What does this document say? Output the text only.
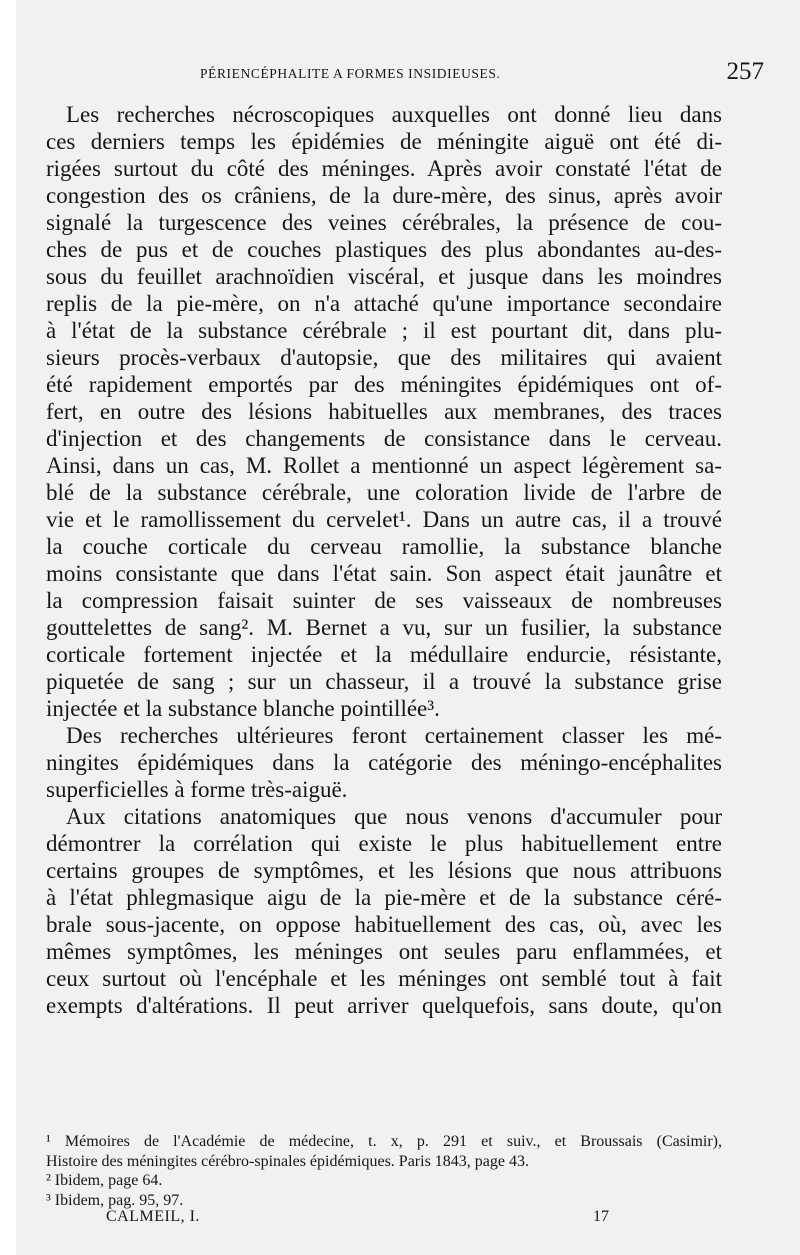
PÉRIENCÉPHALITE A FORMES INSIDIEUSES.	257
Les recherches nécroscopiques auxquelles ont donné lieu dans
ces derniers temps les épidémies de méningite aiguë ont été di-
rigées surtout du côté des méninges. Après avoir constaté l'état de
congestion des os crâniens, de la dure-mère, des sinus, après avoir
signalé la turgescence des veines cérébrales, la présence de cou-
ches de pus et de couches plastiques des plus abondantes au-des-
sous du feuillet arachnoïdien viscéral, et jusque dans les moindres
replis de la pie-mère, on n'a attaché qu'une importance secondaire
à l'état de la substance cérébrale ; il est pourtant dit, dans plu-
sieurs procès-verbaux d'autopsie, que des militaires qui avaient
été rapidement emportés par des méningites épidémiques ont of-
fert, en outre des lésions habituelles aux membranes, des traces
d'injection et des changements de consistance dans le cerveau.
Ainsi, dans un cas, M. Rollet a mentionné un aspect légèrement sa-
blé de la substance cérébrale, une coloration livide de l'arbre de
vie et le ramollissement du cervelet¹. Dans un autre cas, il a trouvé
la couche corticale du cerveau ramollie, la substance blanche
moins consistante que dans l'état sain. Son aspect était jaunâtre et
la compression faisait suinter de ses vaisseaux de nombreuses
gouttelettes de sang². M. Bernet a vu, sur un fusilier, la substance
corticale fortement injectée et la médullaire endurcie, résistante,
piquetée de sang ; sur un chasseur, il a trouvé la substance grise
injectée et la substance blanche pointillée³.
Des recherches ultérieures feront certainement classer les mé-
ningites épidémiques dans la catégorie des méningo-encéphalites
superficielles à forme très-aiguë.
Aux citations anatomiques que nous venons d'accumuler pour
démontrer la corrélation qui existe le plus habituellement entre
certains groupes de symptômes, et les lésions que nous attribuons
à l'état phlegmasique aigu de la pie-mère et de la substance céré-
brale sous-jacente, on oppose habituellement des cas, où, avec les
mêmes symptômes, les méninges ont seules paru enflammées, et
ceux surtout où l'encéphale et les méninges ont semblé tout à fait
exempts d'altérations. Il peut arriver quelquefois, sans doute, qu'on
¹ Mémoires de l'Académie de médecine, t. x, p. 291 et suiv., et Broussais (Casimir),
Histoire des méningites cérébro-spinales épidémiques. Paris 1843, page 43.
² Ibidem, page 64.
³ Ibidem, pag. 95, 97.
CALMEIL, I.	17
